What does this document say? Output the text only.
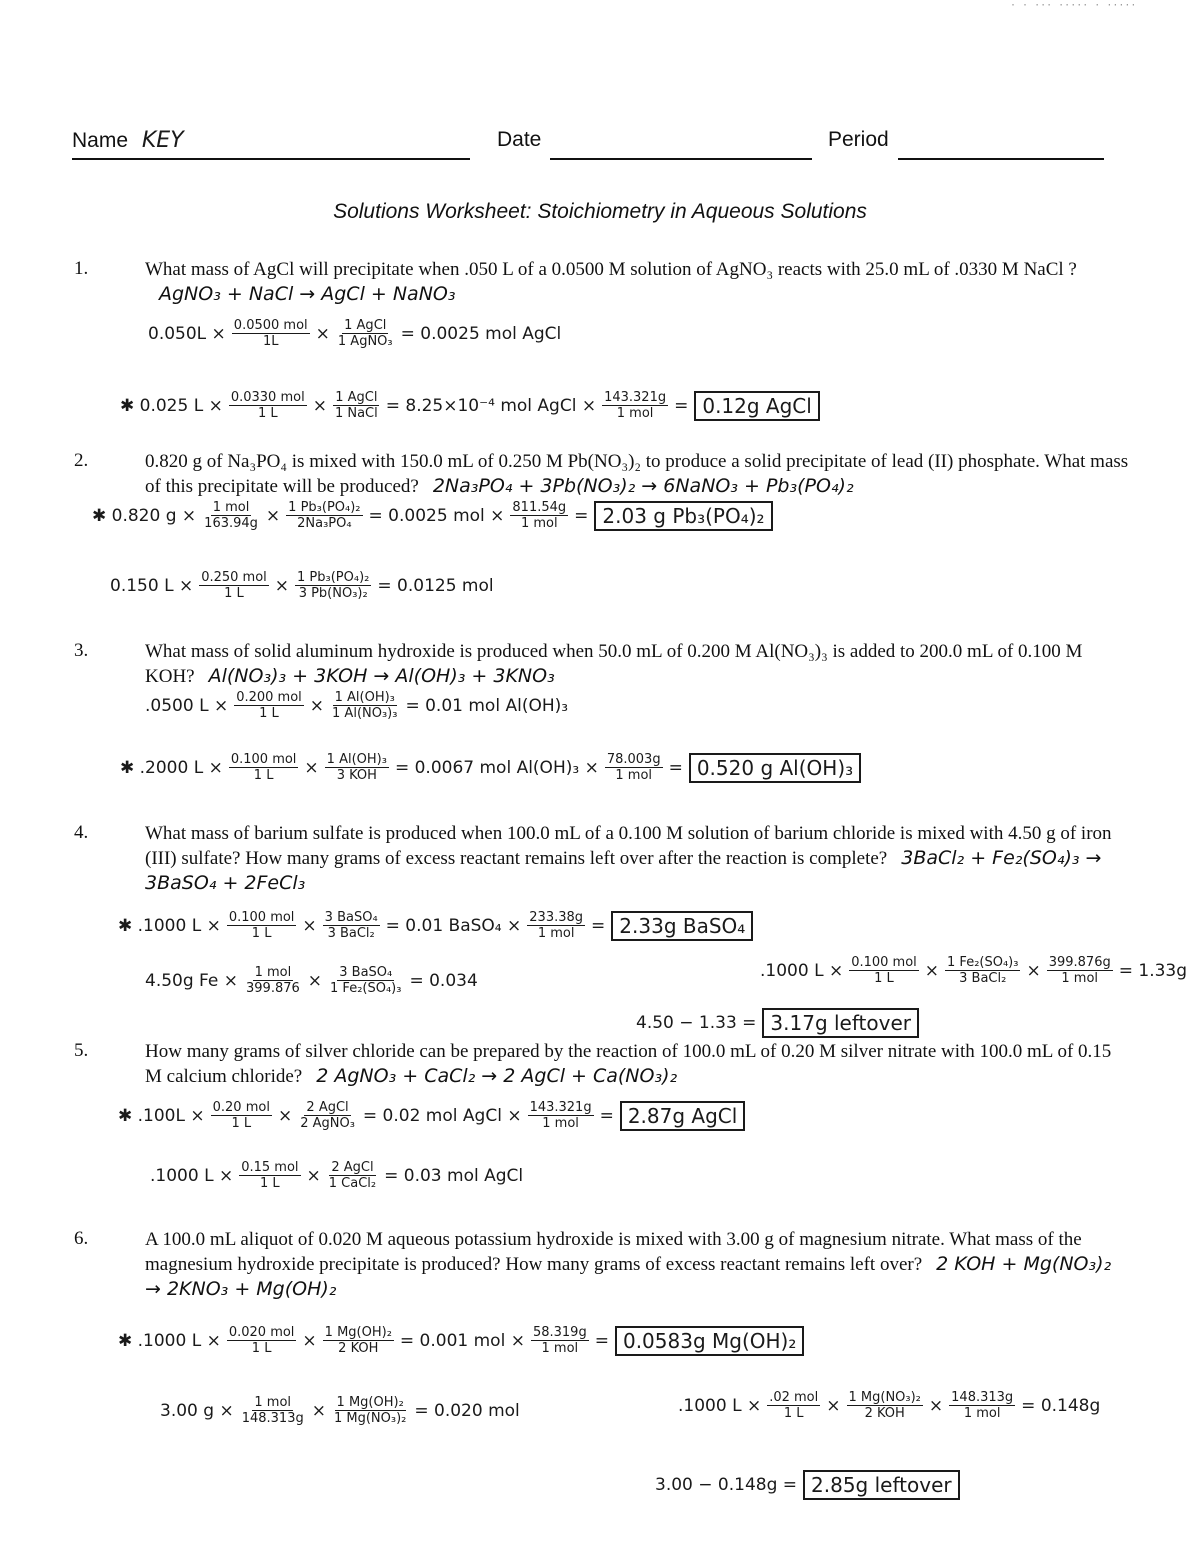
· · ··· ····· · ·····
Name KEY	Date	Period
Solutions Worksheet: Stoichiometry in Aqueous Solutions
1.	What mass of AgCl will precipitate when .050 L of a 0.0500 M solution of AgNO₃ reacts with 25.0 mL of .0330 M NaCl ?AgNO₃ + NaCl → AgCl + NaNO₃
$0.050L \times \frac{\text{0.0500 mol}}{1L} \times \frac{\text{1 AgCl}}{\text{1 AgNO₃}} = 0.0025$ mol AgCl
✱ 0.025 $L \times \frac{\text{0.0330 mol}}{1 L} \times \frac{\text{1 AgCl}}{\text{1 NaCl}} = 8.25\times 10^{-4}$ mol AgCl × $\frac{143.321g}{\text{1 mol}} = 0.12g$ AgCl
2.	0.820 g of Na₃PO₄ is mixed with 150.0 mL of 0.250 M Pb(NO₃)₂ to produce a solid precipitate of lead (II) phosphate. What mass of this precipitate will be produced? 2Na₃PO₄ + 3Pb(NO₃)₂ → 6NaNO₃ + Pb₃(PO₄)₂
✱ 0.820 $g \times \frac{\text{1 mol}}{163.94g} \times \frac{\text{1 Pb₃(PO₄)₂}}{\text{2Na₃PO₄}} = 0.0025$ mol × $\frac{811.54g}{\text{1 mol}} = 2.03$ g Pb₃(PO₄)₂
0.150 $L \times \frac{\text{0.250 mol}}{1 L} \times \frac{\text{1 Pb₃(PO₄)₂}}{\text{3 Pb(NO₃)₂}} = 0.0125$ mol
3.	What mass of solid aluminum hydroxide is produced when 50.0 mL of 0.200 M Al(NO₃)₃ is added to 200.0 mL of 0.100 M KOH? Al(NO₃)₃ + 3KOH → Al(OH)₃ + 3KNO₃
.0500 $L \times \frac{\text{0.200 mol}}{1 L} \times \frac{\text{1 Al(OH)₃}}{\text{1 Al(NO₃)₃}} = 0.01$ mol Al(OH)₃
✱ .2000 $L \times \frac{\text{0.100 mol}}{1 L} \times \frac{\text{1 Al(OH)₃}}{\text{3 KOH}} = 0.0067$ mol $Al(OH)_3 \times \frac{78.003g}{\text{1 mol}} = 0.520$ g Al(OH)₃
4.	What mass of barium sulfate is produced when 100.0 mL of a 0.100 M solution of barium chloride is mixed with 4.50 g of iron (III) sulfate? How many grams of excess reactant remains left over after the reaction is complete? 3BaCl₂ + Fe₂(SO₄)₃ → 3BaSO₄ + 2FeCl₃
✱ .1000 $L \times \frac{\text{0.100 mol}}{1 L} \times \frac{\text{3 BaSO₄}}{\text{3 BaCl₂}} = 0.01$ BaSO₄ × $\frac{233.38g}{\text{1 mol}} = 2.33g$ BaSO₄
4.50g $Fe \times \frac{\text{1 mol}}{399.876} \times \frac{\text{3 BaSO₄}}{\text{1 Fe₂(SO₄)₃}} = 0.034$	.1000 $L \times \frac{\text{0.100 mol}}{1 L} \times \frac{\text{1 Fe₂(SO₄)₃}}{\text{3 BaCl₂}} \times \frac{399.876g}{\text{1 mol}} = 1.33g$
4.50 − 1.33 = 3.17g leftover
5.	How many grams of silver chloride can be prepared by the reaction of 100.0 mL of 0.20 M silver nitrate with 100.0 mL of 0.15 M calcium chloride? 2 AgNO₃ + CaCl₂ → 2 AgCl + Ca(NO₃)₂
✱ $.100L \times \frac{\text{0.20 mol}}{1 L} \times \frac{\text{2 AgCl}}{\text{2 AgNO₃}} = 0.02$ mol AgCl × $\frac{143.321g}{\text{1 mol}} = 2.87g$ AgCl
.1000 $L \times \frac{\text{0.15 mol}}{1 L} \times \frac{\text{2 AgCl}}{\text{1 CaCl₂}} = 0.03$ mol AgCl
6.	A 100.0 mL aliquot of 0.020 M aqueous potassium hydroxide is mixed with 3.00 g of magnesium nitrate. What mass of the magnesium hydroxide precipitate is produced? How many grams of excess reactant remains left over? 2 KOH + Mg(NO₃)₂ → 2KNO₃ + Mg(OH)₂
✱ .1000 $L \times \frac{\text{0.020 mol}}{1 L} \times \frac{\text{1 Mg(OH)₂}}{\text{2 KOH}} = 0.001$ mol × $\frac{58.319g}{\text{1 mol}} = 0.0583g$ Mg(OH)₂
3.00 $g \times \frac{\text{1 mol}}{148.313g} \times \frac{\text{1 Mg(OH)₂}}{\text{1 Mg(NO₃)₂}} = 0.020$ mol	.1000 $L \times \frac{\text{.02 mol}}{1 L} \times \frac{\text{1 Mg(NO₃)₂}}{\text{2 KOH}} \times \frac{148.313g}{\text{1 mol}} = 0.148g$
3.00 − 0.148g = 2.85g leftover
